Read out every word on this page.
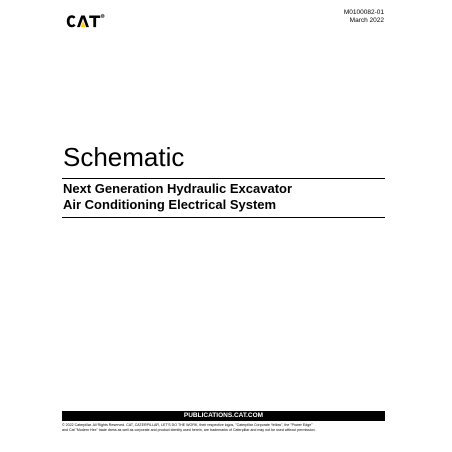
M0100082-01
March 2022
Schematic
Next Generation Hydraulic Excavator
Air Conditioning Electrical System
PUBLICATIONS.CAT.COM
© 2022 Caterpillar. All Rights Reserved. CAT, CATERPILLAR, LET'S DO THE WORK, their respective logos, "Caterpillar Corporate Yellow", the "Power Edge"
and Cat "Modern Hex" trade dress as well as corporate and product identity used herein, are trademarks of Caterpillar and may not be used without permission.
